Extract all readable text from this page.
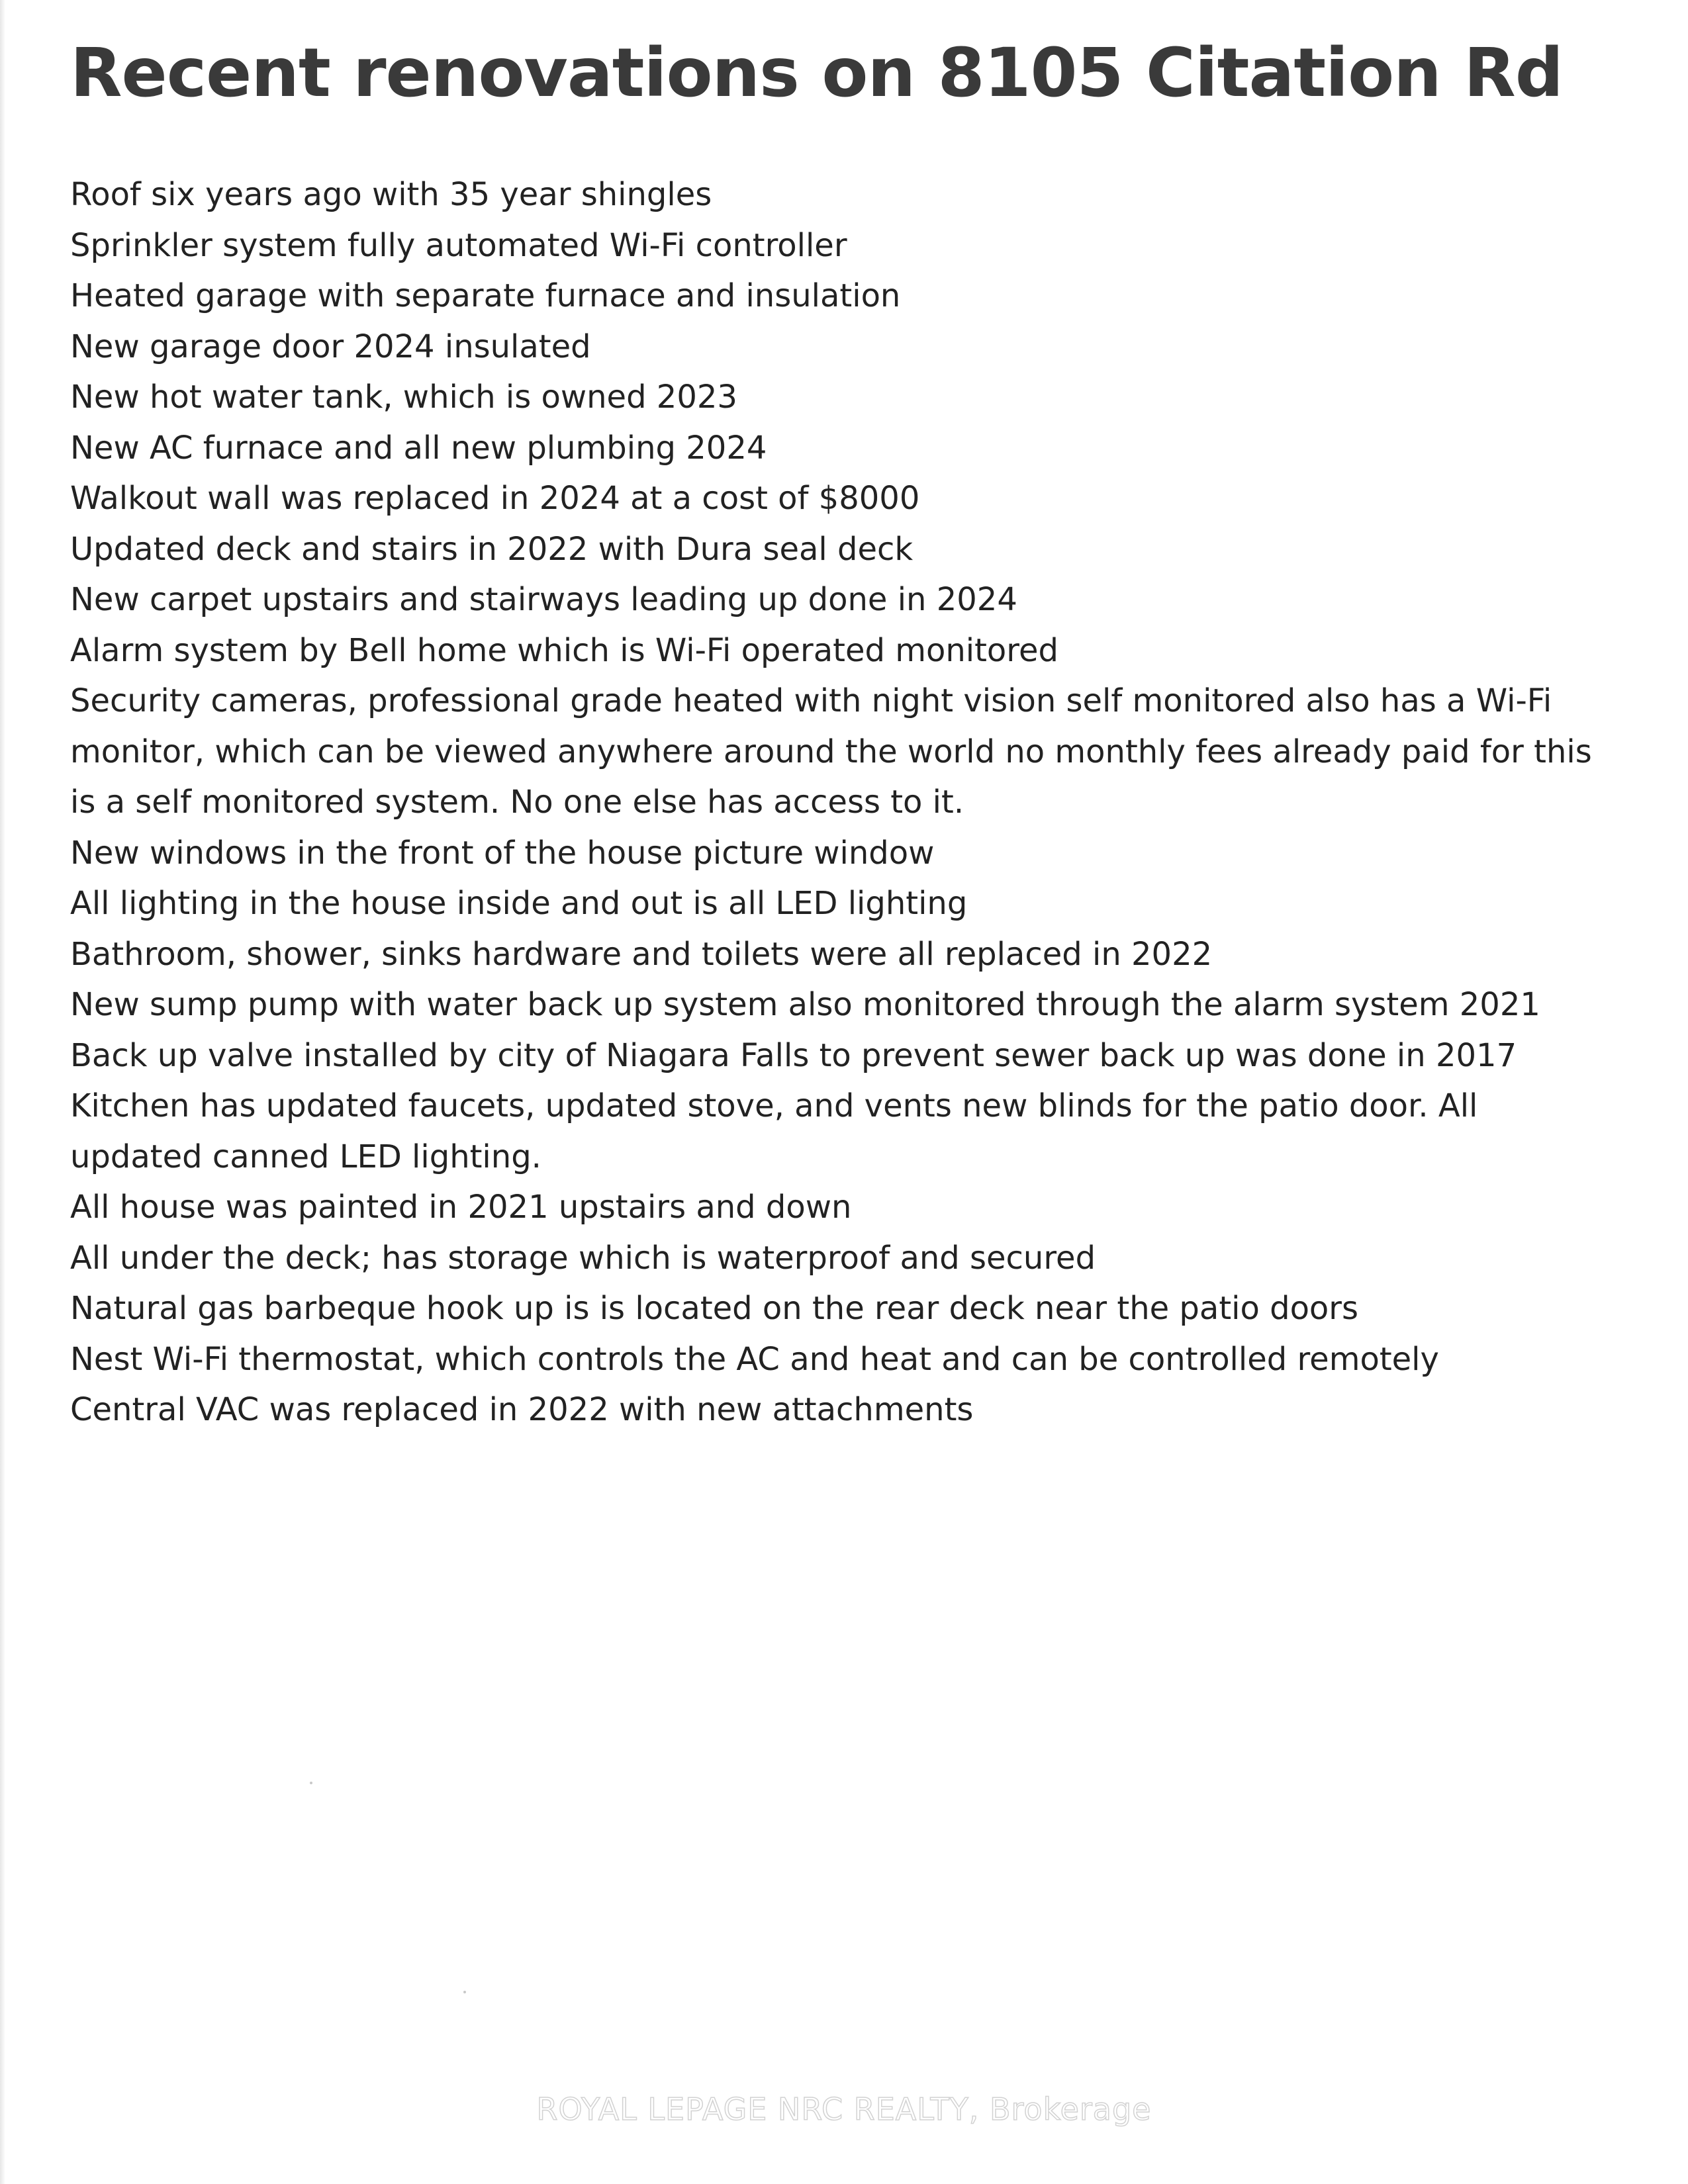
Recent renovations on 8105 Citation Rd
Roof six years ago with 35 year shingles
Sprinkler system fully automated Wi-Fi controller
Heated garage with separate furnace and insulation
New garage door 2024 insulated
New hot water tank, which is owned 2023
New AC furnace and all new plumbing 2024
Walkout wall was replaced in 2024 at a cost of $8000
Updated deck and stairs in 2022 with Dura seal deck
New carpet upstairs and stairways leading up done in 2024
Alarm system by Bell home which is Wi-Fi operated monitored
Security cameras, professional grade heated with night vision self monitored also has a Wi-Fi monitor, which can be viewed anywhere around the world no monthly fees already paid for this is a self monitored system. No one else has access to it.
New windows in the front of the house picture window
All lighting in the house inside and out is all LED lighting
Bathroom, shower, sinks hardware and toilets were all replaced in 2022
New sump pump with water back up system also monitored through the alarm system 2021
Back up valve installed by city of Niagara Falls to prevent sewer back up was done in 2017
Kitchen has updated faucets, updated stove, and vents new blinds for the patio door. All updated canned LED lighting.
All house was painted in 2021 upstairs and down
All under the deck; has storage which is waterproof and secured
Natural gas barbeque hook up is is located on the rear deck near the patio doors
Nest Wi-Fi thermostat, which controls the AC and heat and can be controlled remotely
Central VAC was replaced in 2022 with new attachments
ROYAL LEPAGE NRC REALTY, Brokerage
